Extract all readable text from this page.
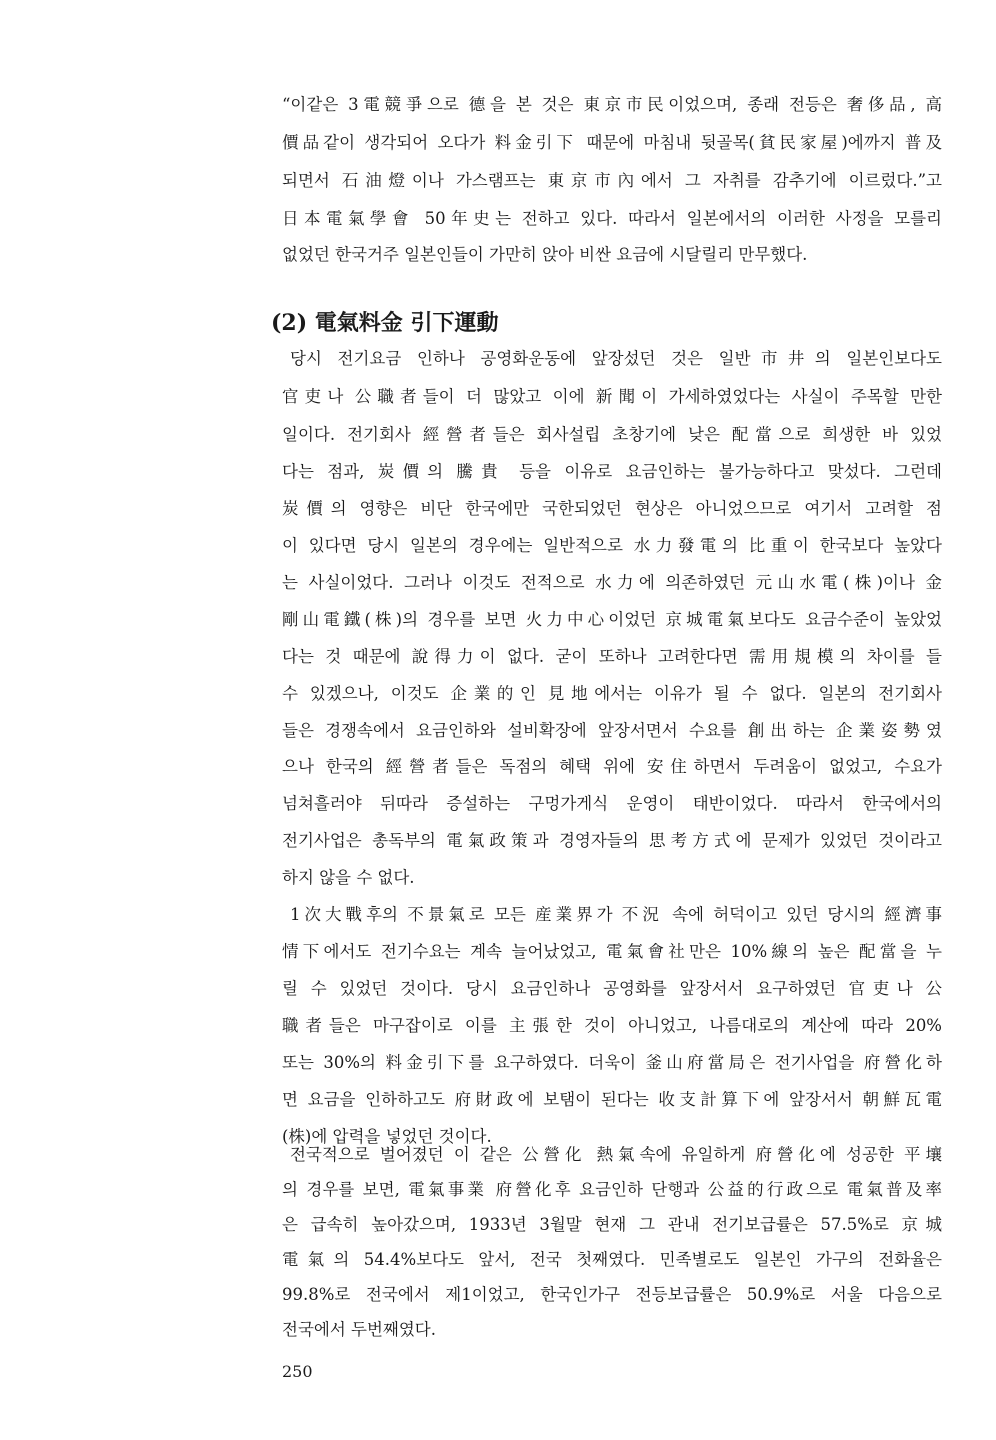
“이같은 3電競爭으로 德을 본 것은 東京市民이었으며, 종래 전등은 奢侈品, 高

價品같이 생각되어 오다가 料金引下 때문에 마침내 뒷골목(貧民家屋)에까지 普及

되면서 石油燈이나 가스램프는 東京市內에서 그 자취를 감추기에 이르렀다.”고

日本電氣學會 50年史는 전하고 있다. 따라서 일본에서의 이러한 사정을 모를리

없었던 한국거주 일본인들이 가만히 앉아 비싼 요금에 시달릴리 만무했다.

(2) 電氣料金 引下運動

당시 전기요금 인하나 공영화운동에 앞장섰던 것은 일반市井의 일본인보다도

官吏나 公職者들이 더 많았고 이에 新聞이 가세하였었다는 사실이 주목할 만한

일이다. 전기회사 經營者들은 회사설립 초창기에 낮은 配當으로 희생한 바 있었

다는 점과, 炭價의 騰貴 등을 이유로 요금인하는 불가능하다고 맞섰다. 그런데

炭價의 영향은 비단 한국에만 국한되었던 현상은 아니었으므로 여기서 고려할 점

이 있다면 당시 일본의 경우에는 일반적으로 水力發電의 比重이 한국보다 높았다

는 사실이었다. 그러나 이것도 전적으로 水力에 의존하였던 元山水電(株)이나 金

剛山電鐵(株)의 경우를 보면 火力中心이었던 京城電氣보다도 요금수준이 높았었

다는 것 때문에 說得力이 없다. 굳이 또하나 고려한다면 需用規模의 차이를 들

수 있겠으나, 이것도 企業的인 見地에서는 이유가 될 수 없다. 일본의 전기회사

들은 경쟁속에서 요금인하와 설비확장에 앞장서면서 수요를 創出하는 企業姿勢였

으나 한국의 經營者들은 독점의 혜택 위에 安住하면서 두려움이 없었고, 수요가

넘쳐흘러야 뒤따라 증설하는 구멍가게식 운영이 태반이었다. 따라서 한국에서의

전기사업은 총독부의 電氣政策과 경영자들의 思考方式에 문제가 있었던 것이라고

하지 않을 수 없다.

1次大戰후의 不景氣로 모든 産業界가 不況 속에 허덕이고 있던 당시의 經濟事

情下에서도 전기수요는 계속 늘어났었고, 電氣會社만은 10%線의 높은 配當을 누

릴 수 있었던 것이다. 당시 요금인하나 공영화를 앞장서서 요구하였던 官吏나 公

職者들은 마구잡이로 이를 主張한 것이 아니었고, 나름대로의 계산에 따라 20%

또는 30%의 料金引下를 요구하였다. 더욱이 釜山府當局은 전기사업을 府營化하

면 요금을 인하하고도 府財政에 보탬이 된다는 收支計算下에 앞장서서 朝鮮瓦電

(株)에 압력을 넣었던 것이다.

전국적으로 벌어졌던 이 같은 公營化 熱氣속에 유일하게 府營化에 성공한 平壤

의 경우를 보면, 電氣事業 府營化후 요금인하 단행과 公益的行政으로 電氣普及率

은 급속히 높아갔으며, 1933년 3월말 현재 그 관내 전기보급률은 57.5%로 京城

電氣의 54.4%보다도 앞서, 전국 첫째였다. 민족별로도 일본인 가구의 전화율은

99.8%로 전국에서 제1이었고, 한국인가구 전등보급률은 50.9%로 서울 다음으로

전국에서 두번째였다.

250
